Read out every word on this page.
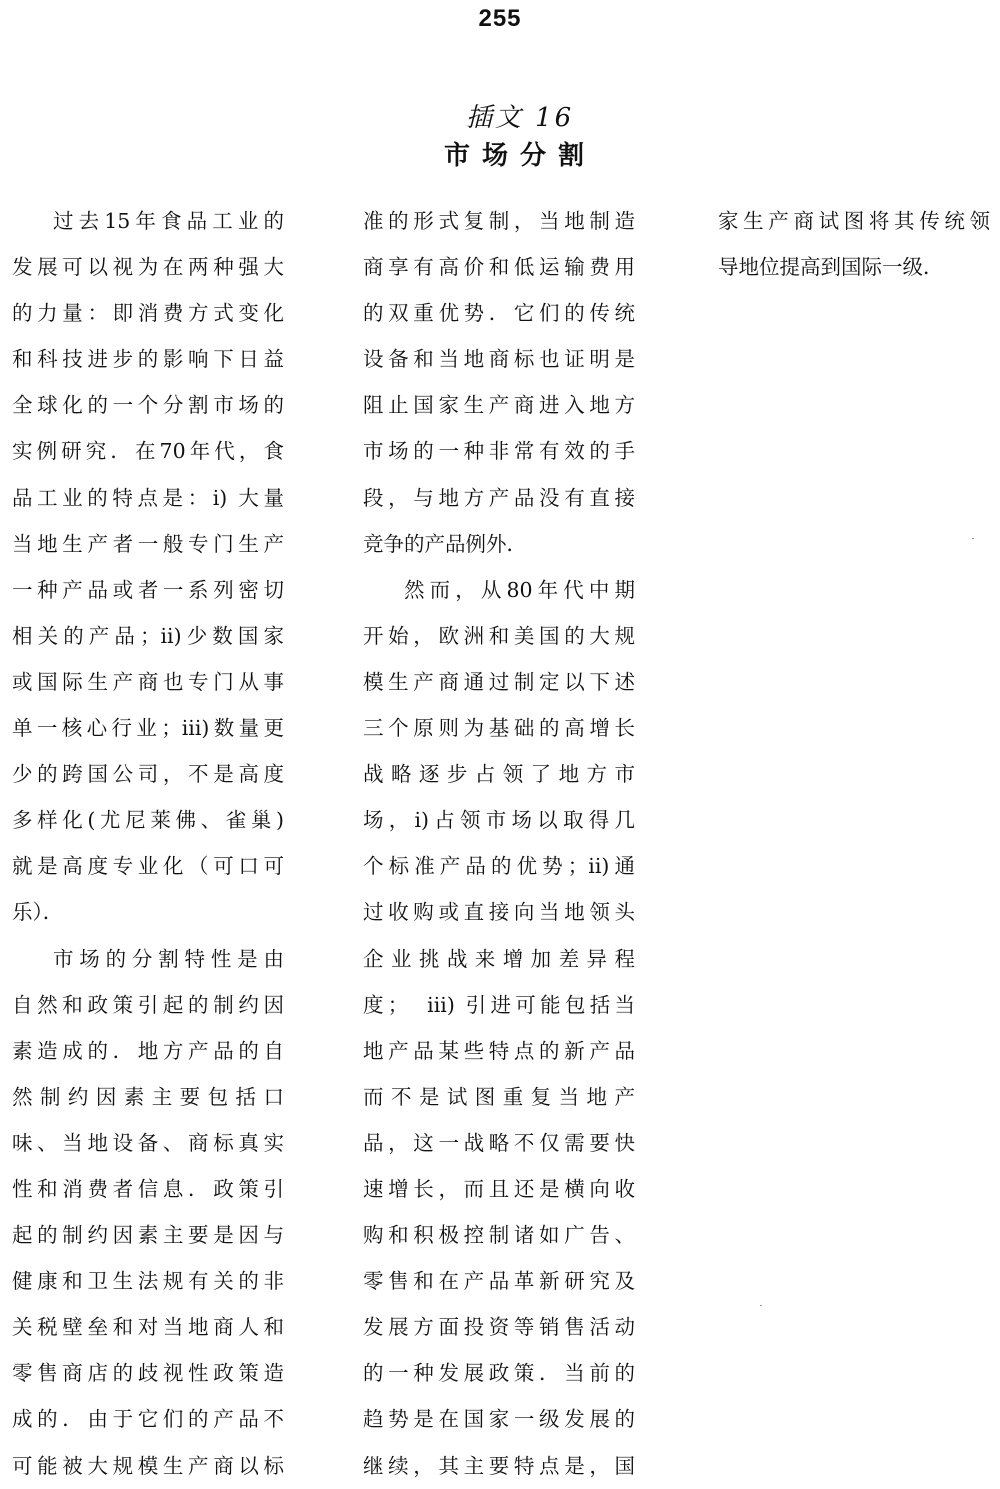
255
插文 16
市场分割
过去15年食品工业的
发展可以视为在两种强大
的力量：即消费方式变化
和科技进步的影响下日益
全球化的一个分割市场的
实例研究．在70年代，食
品工业的特点是：i) 大量
当地生产者一般专门生产
一种产品或者一系列密切
相关的产品；ii)少数国家
或国际生产商也专门从事
单一核心行业；iii)数量更
少的跨国公司，不是高度
多样化(尤尼莱佛、雀巢)
就是高度专业化（可口可
乐）．
市场的分割特性是由
自然和政策引起的制约因
素造成的．地方产品的自
然制约因素主要包括口
味、当地设备、商标真实
性和消费者信息．政策引
起的制约因素主要是因与
健康和卫生法规有关的非
关税壁垒和对当地商人和
零售商店的歧视性政策造
成的．由于它们的产品不
可能被大规模生产商以标
准的形式复制，当地制造
商享有高价和低运输费用
的双重优势．它们的传统
设备和当地商标也证明是
阻止国家生产商进入地方
市场的一种非常有效的手
段，与地方产品没有直接
竞争的产品例外．
然而，从80年代中期
开始，欧洲和美国的大规
模生产商通过制定以下述
三个原则为基础的高增长
战略逐步占领了地方市
场，i)占领市场以取得几
个标准产品的优势；ii)通
过收购或直接向当地领头
企业挑战来增加差异程
度；　iii) 引进可能包括当
地产品某些特点的新产品
而不是试图重复当地产
品，这一战略不仅需要快
速增长，而且还是横向收
购和积极控制诸如广告、
零售和在产品革新研究及
发展方面投资等销售活动
的一种发展政策．当前的
趋势是在国家一级发展的
继续，其主要特点是，国
家生产商试图将其传统领
导地位提高到国际一级．
